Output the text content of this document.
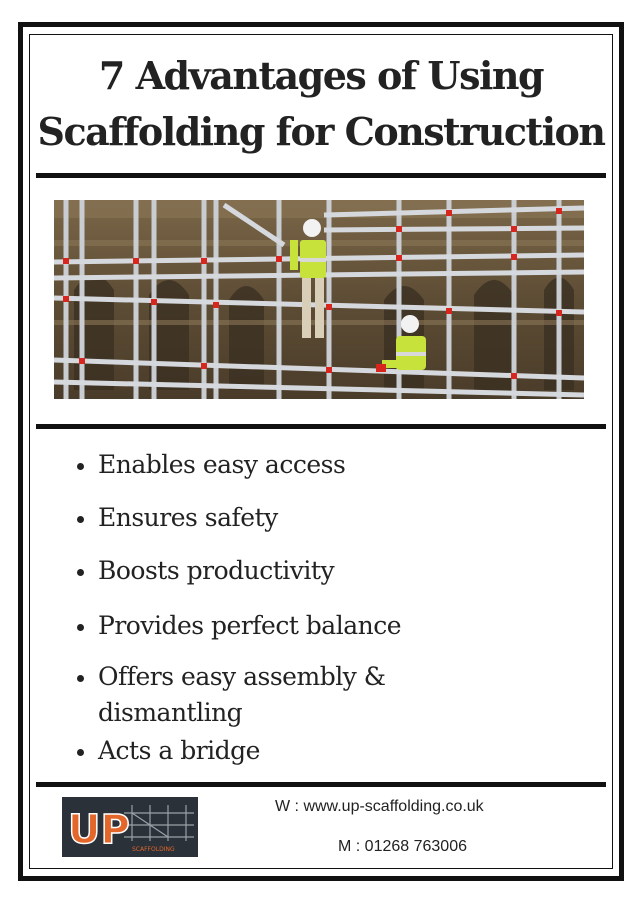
7 Advantages of Using
Scaffolding for Construction
Enables easy access
Ensures safety
Boosts productivity
Provides perfect balance
Offers easy assembly &
dismantling
Acts a bridge
UP SCAFFOLDING
W : www.up-scaffolding.co.uk
M : 01268 763006
